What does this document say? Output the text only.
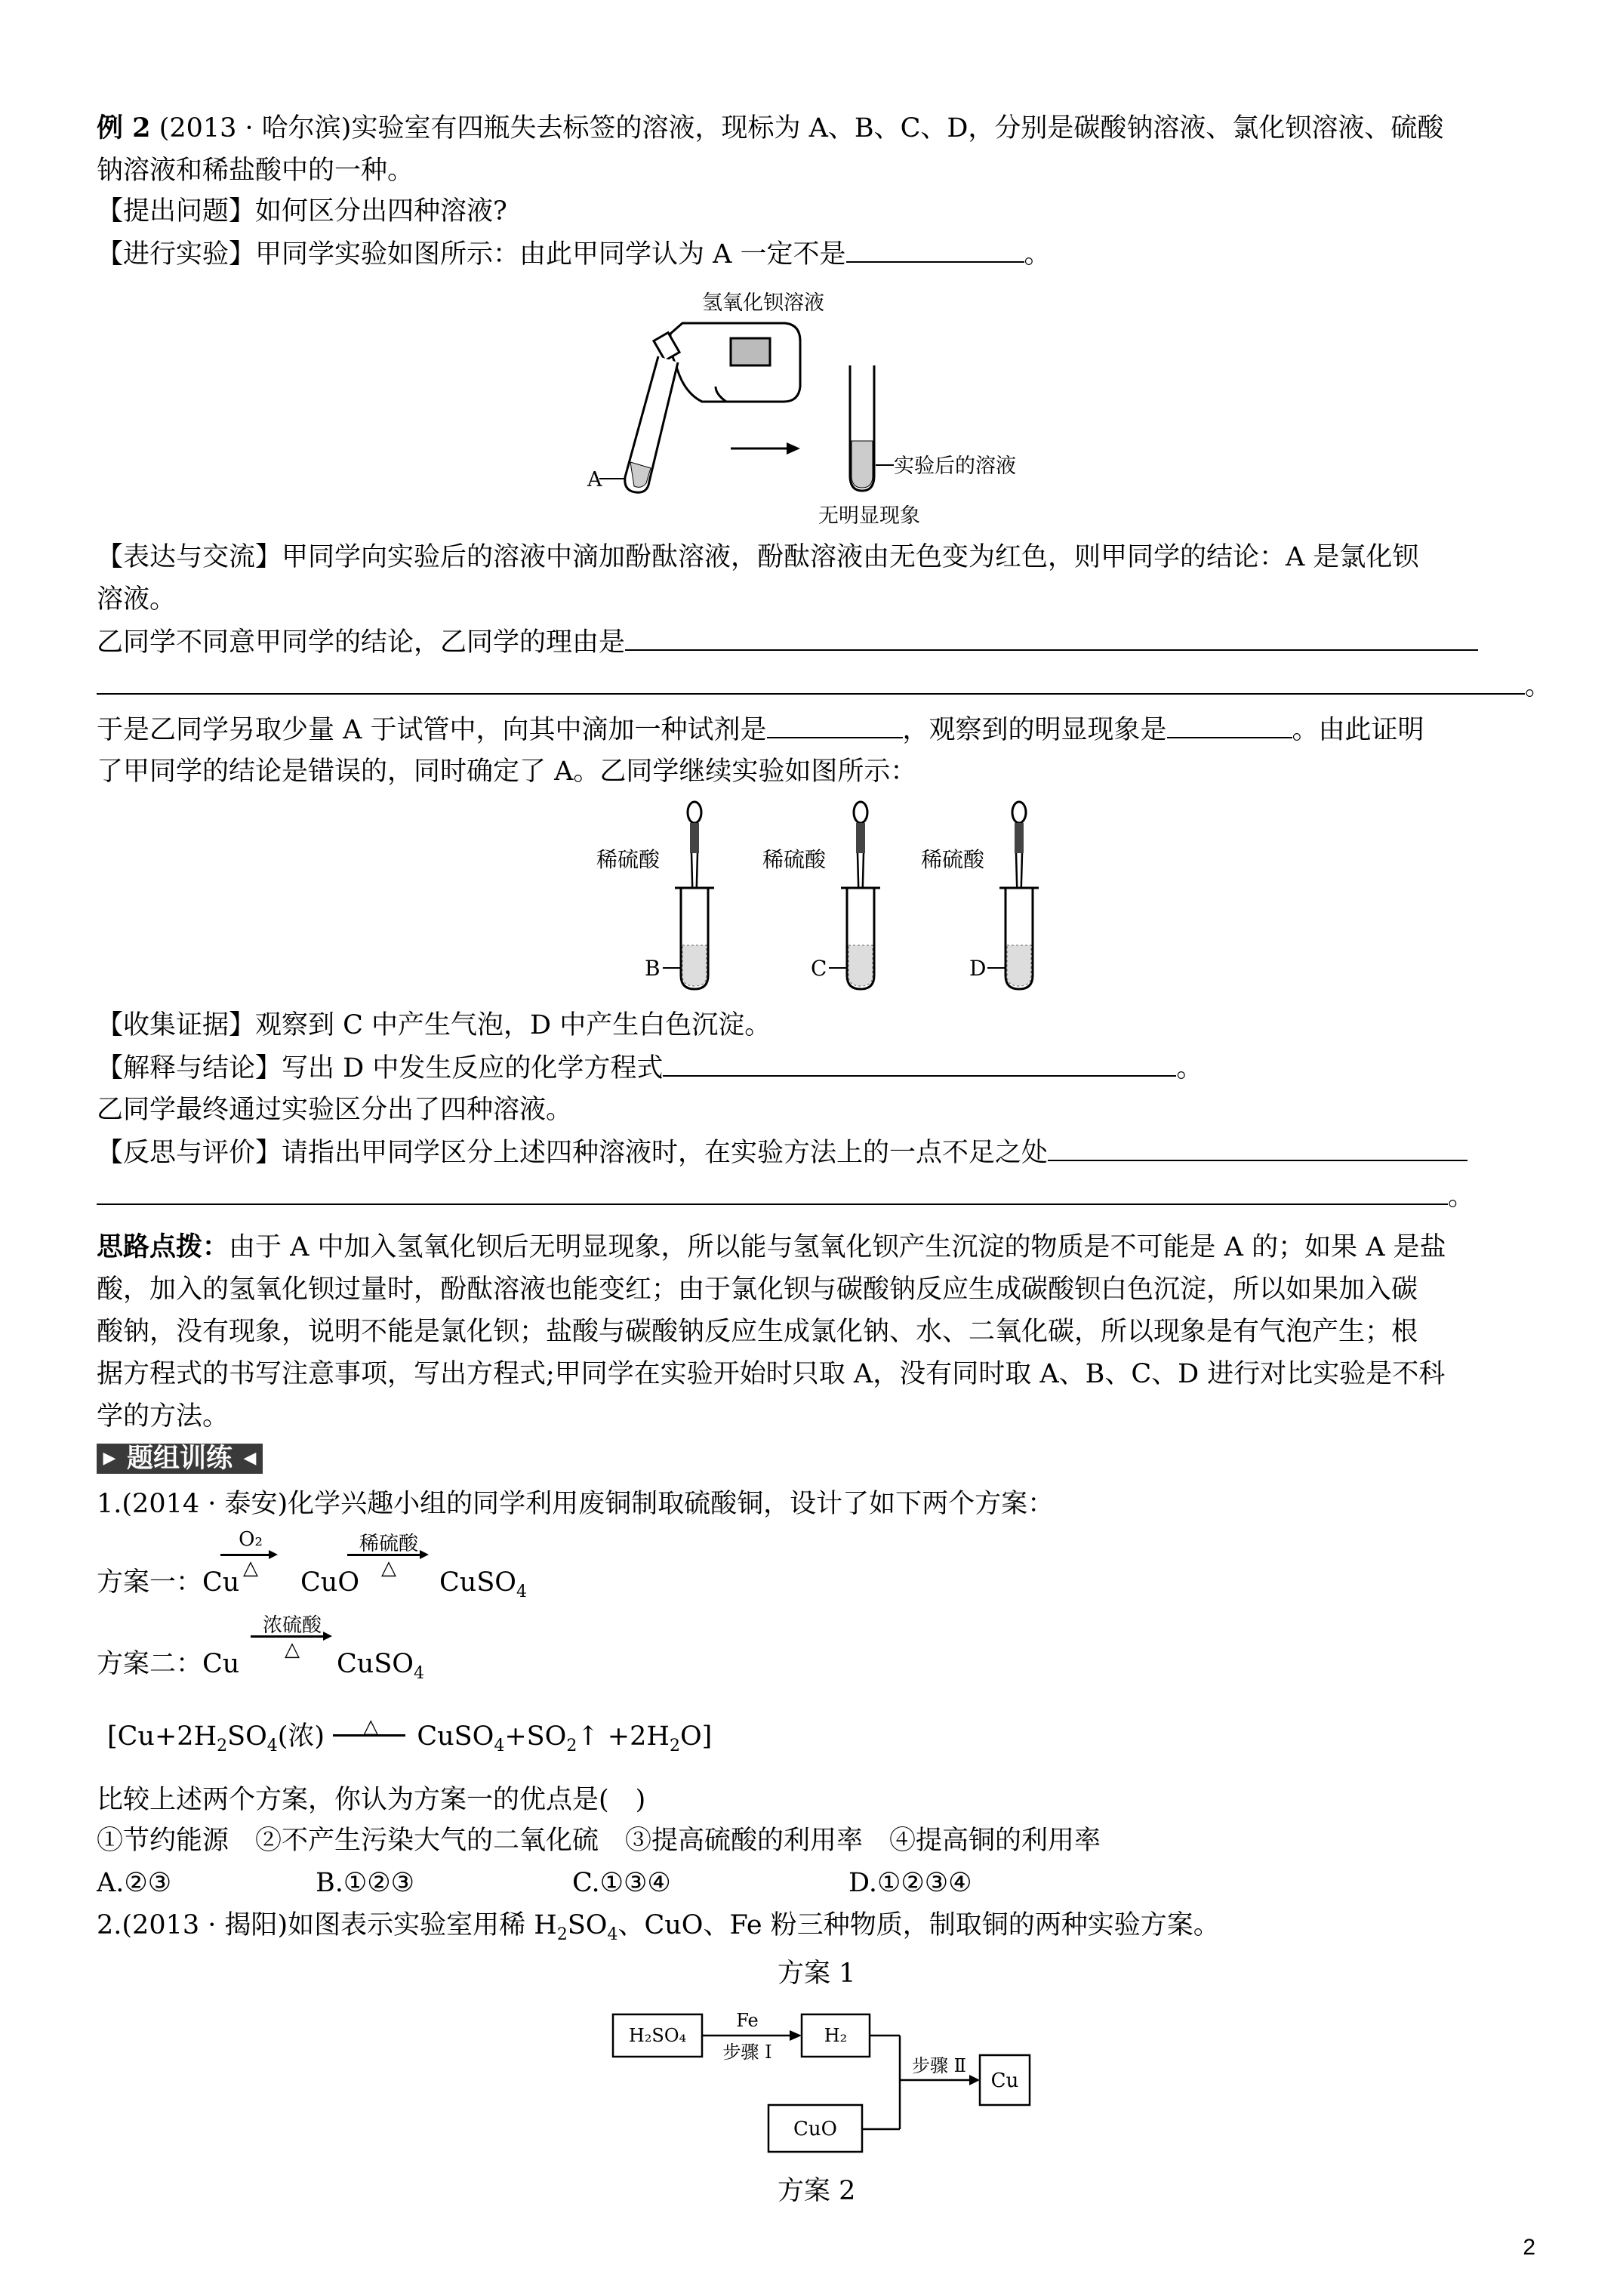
例 2 (2013 · 哈尔滨)实验室有四瓶失去标签的溶液，现标为 A、B、C、D，分别是碳酸钠溶液、氯化钡溶液、硫酸
钠溶液和稀盐酸中的一种。
【提出问题】如何区分出四种溶液?
【进行实验】甲同学实验如图所示：由此甲同学认为 A 一定不是	。
氢氧化钡溶液
A
实验后的溶液
无明显现象
【表达与交流】甲同学向实验后的溶液中滴加酚酞溶液，酚酞溶液由无色变为红色，则甲同学的结论：A 是氯化钡
溶液。
乙同学不同意甲同学的结论，乙同学的理由是
。
于是乙同学另取少量 A 于试管中，向其中滴加一种试剂是	，观察到的明显现象是	。由此证明
了甲同学的结论是错误的，同时确定了 A。乙同学继续实验如图所示：
稀硫酸
B
稀硫酸
C
稀硫酸
D
【收集证据】观察到 C 中产生气泡，D 中产生白色沉淀。
【解释与结论】写出 D 中发生反应的化学方程式	。
乙同学最终通过实验区分出了四种溶液。
【反思与评价】请指出甲同学区分上述四种溶液时，在实验方法上的一点不足之处
。
思路点拨：由于 A 中加入氢氧化钡后无明显现象，所以能与氢氧化钡产生沉淀的物质是不可能是 A 的；如果 A 是盐
酸，加入的氢氧化钡过量时，酚酞溶液也能变红；由于氯化钡与碳酸钠反应生成碳酸钡白色沉淀，所以如果加入碳
酸钠，没有现象，说明不能是氯化钡；盐酸与碳酸钠反应生成氯化钠、水、二氧化碳，所以现象是有气泡产生；根
据方程式的书写注意事项，写出方程式;甲同学在实验开始时只取 A，没有同时取 A、B、C、D 进行对比实验是不科
学的方法。
▶ 题组训练 ◀
1.(2014 · 泰安)化学兴趣小组的同学利用废铜制取硫酸铜，设计了如下两个方案：
方案一：Cu
O₂
△	CuO
稀硫酸
△	CuSO$_4$
方案二：Cu
浓硫酸
△	CuSO$_4$
[$Cu+2H_2SO_4$(浓) △ $CuSO_4+SO_2↑ +2H_2O$]
比较上述两个方案，你认为方案一的优点是(　)
①节约能源　②不产生污染大气的二氧化硫　③提高硫酸的利用率　④提高铜的利用率
A.②③	B.①②③	C.①③④	D.①②③④
2.(2013 · 揭阳)如图表示实验室用稀 $H_2SO_4$、CuO、Fe 粉三种物质，制取铜的两种实验方案。
方案 1
H₂SO₄	H₂
Cu
CuO
Fe
步骤 Ⅰ
步骤 Ⅱ
方案 2
2
